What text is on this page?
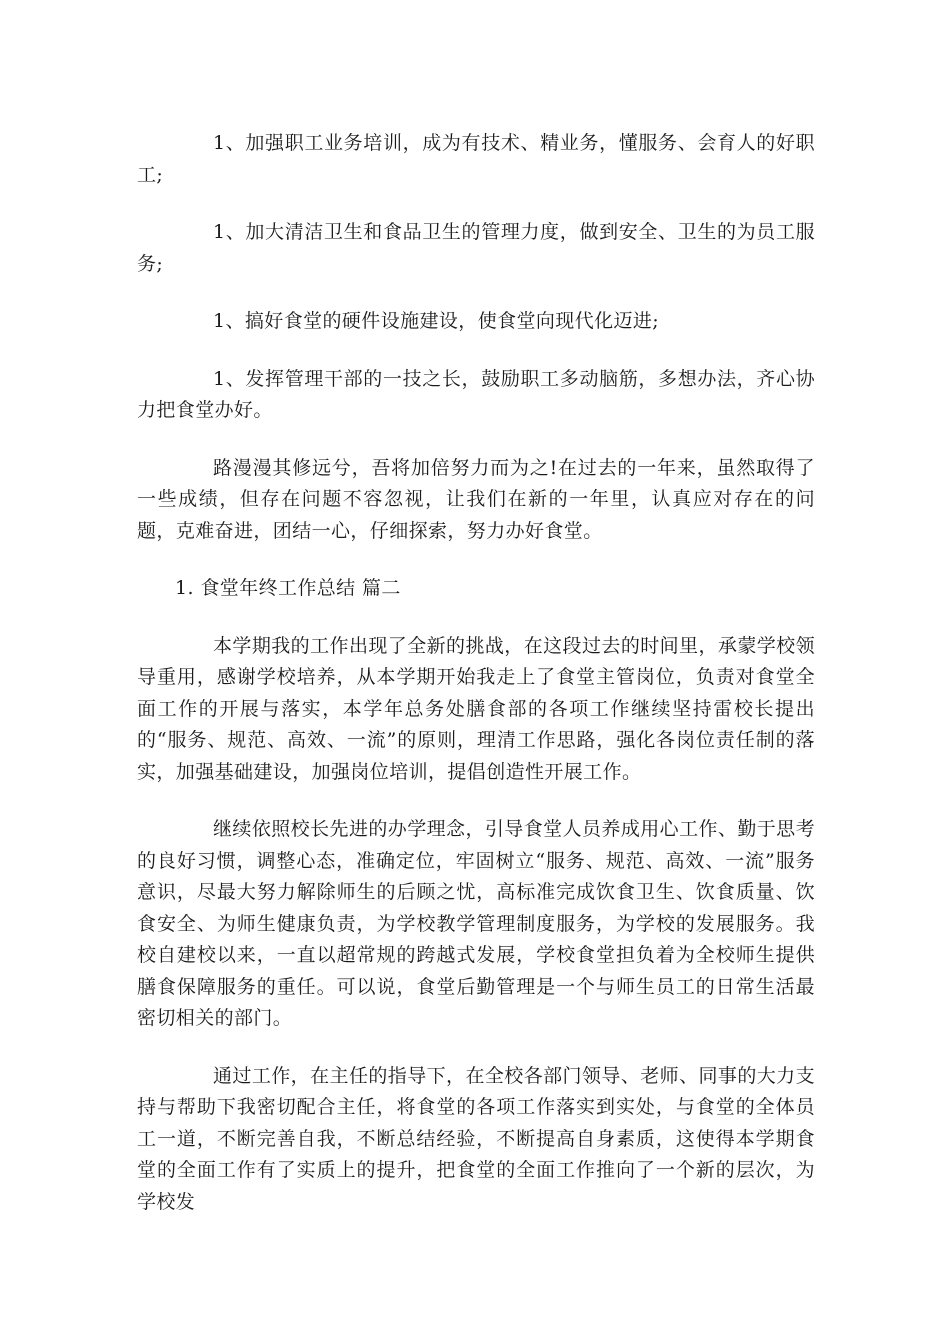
1、加强职工业务培训，成为有技术、精业务，懂服务、会育人的好职工;

1、加大清洁卫生和食品卫生的管理力度，做到安全、卫生的为员工服务;

1、搞好食堂的硬件设施建设，使食堂向现代化迈进;

1、发挥管理干部的一技之长，鼓励职工多动脑筋，多想办法，齐心协力把食堂办好。

路漫漫其修远兮，吾将加倍努力而为之!在过去的一年来，虽然取得了一些成绩，但存在问题不容忽视，让我们在新的一年里，认真应对存在的问题，克难奋进，团结一心，仔细探索，努力办好食堂。

1. 食堂年终工作总结 篇二

本学期我的工作出现了全新的挑战，在这段过去的时间里，承蒙学校领导重用，感谢学校培养，从本学期开始我走上了食堂主管岗位，负责对食堂全面工作的开展与落实，本学年总务处膳食部的各项工作继续坚持雷校长提出的“服务、规范、高效、一流”的原则，理清工作思路，强化各岗位责任制的落实，加强基础建设，加强岗位培训，提倡创造性开展工作。

继续依照校长先进的办学理念，引导食堂人员养成用心工作、勤于思考的良好习惯，调整心态，准确定位，牢固树立“服务、规范、高效、一流”服务意识，尽最大努力解除师生的后顾之忧，高标准完成饮食卫生、饮食质量、饮食安全、为师生健康负责，为学校教学管理制度服务，为学校的发展服务。我校自建校以来，一直以超常规的跨越式发展，学校食堂担负着为全校师生提供膳食保障服务的重任。可以说，食堂后勤管理是一个与师生员工的日常生活最密切相关的部门。

通过工作，在主任的指导下，在全校各部门领导、老师、同事的大力支持与帮助下我密切配合主任，将食堂的各项工作落实到实处，与食堂的全体员工一道，不断完善自我，不断总结经验，不断提高自身素质，这使得本学期食堂的全面工作有了实质上的提升，把食堂的全面工作推向了一个新的层次，为学校发
